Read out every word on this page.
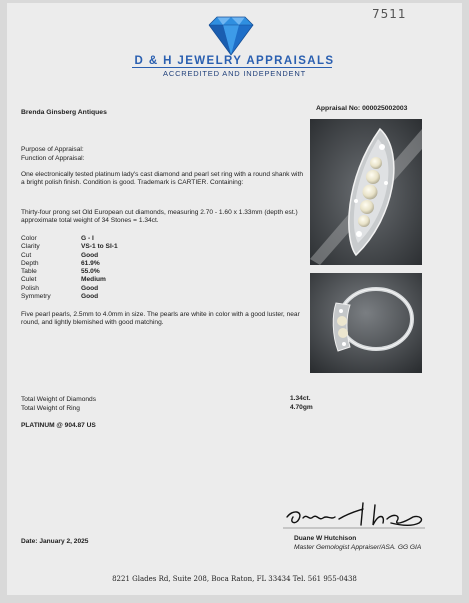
7511
D & H JEWELRY APPRAISALS
ACCREDITED AND INDEPENDENT
Brenda Ginsberg Antiques
Appraisal No: 000025002003
Purpose of Appraisal:
Function of Appraisal:
One electronically tested platinum lady's cast diamond and pearl set ring with a round shank with a bright polish finish. Condition is good. Trademark is CARTIER. Containing:
Thirty-four prong set Old European cut diamonds, measuring 2.70 - 1.60 x 1.33mm (depth est.) approximate total weight of 34 Stones = 1.34ct.
Color	G - I
Clarity	VS-1 to SI-1
Cut	Good
Depth	61.9%
Table	55.0%
Culet	Medium
Polish	Good
Symmetry	Good
Five pearl pearls, 2.5mm to 4.0mm in size. The pearls are white in color with a good luster, near round, and lightly blemished with good matching.
Total Weight of Diamonds	1.34ct.
Total Weight of Ring	4.70gm
PLATINUM @ 904.87 US
Date: January 2, 2025	Duane W Hutchison
Master Gemologist Appraiser/ASA. GG GIA
8221 Glades Rd, Suite 208, Boca Raton, FL 33434 Tel. 561 955-0438
